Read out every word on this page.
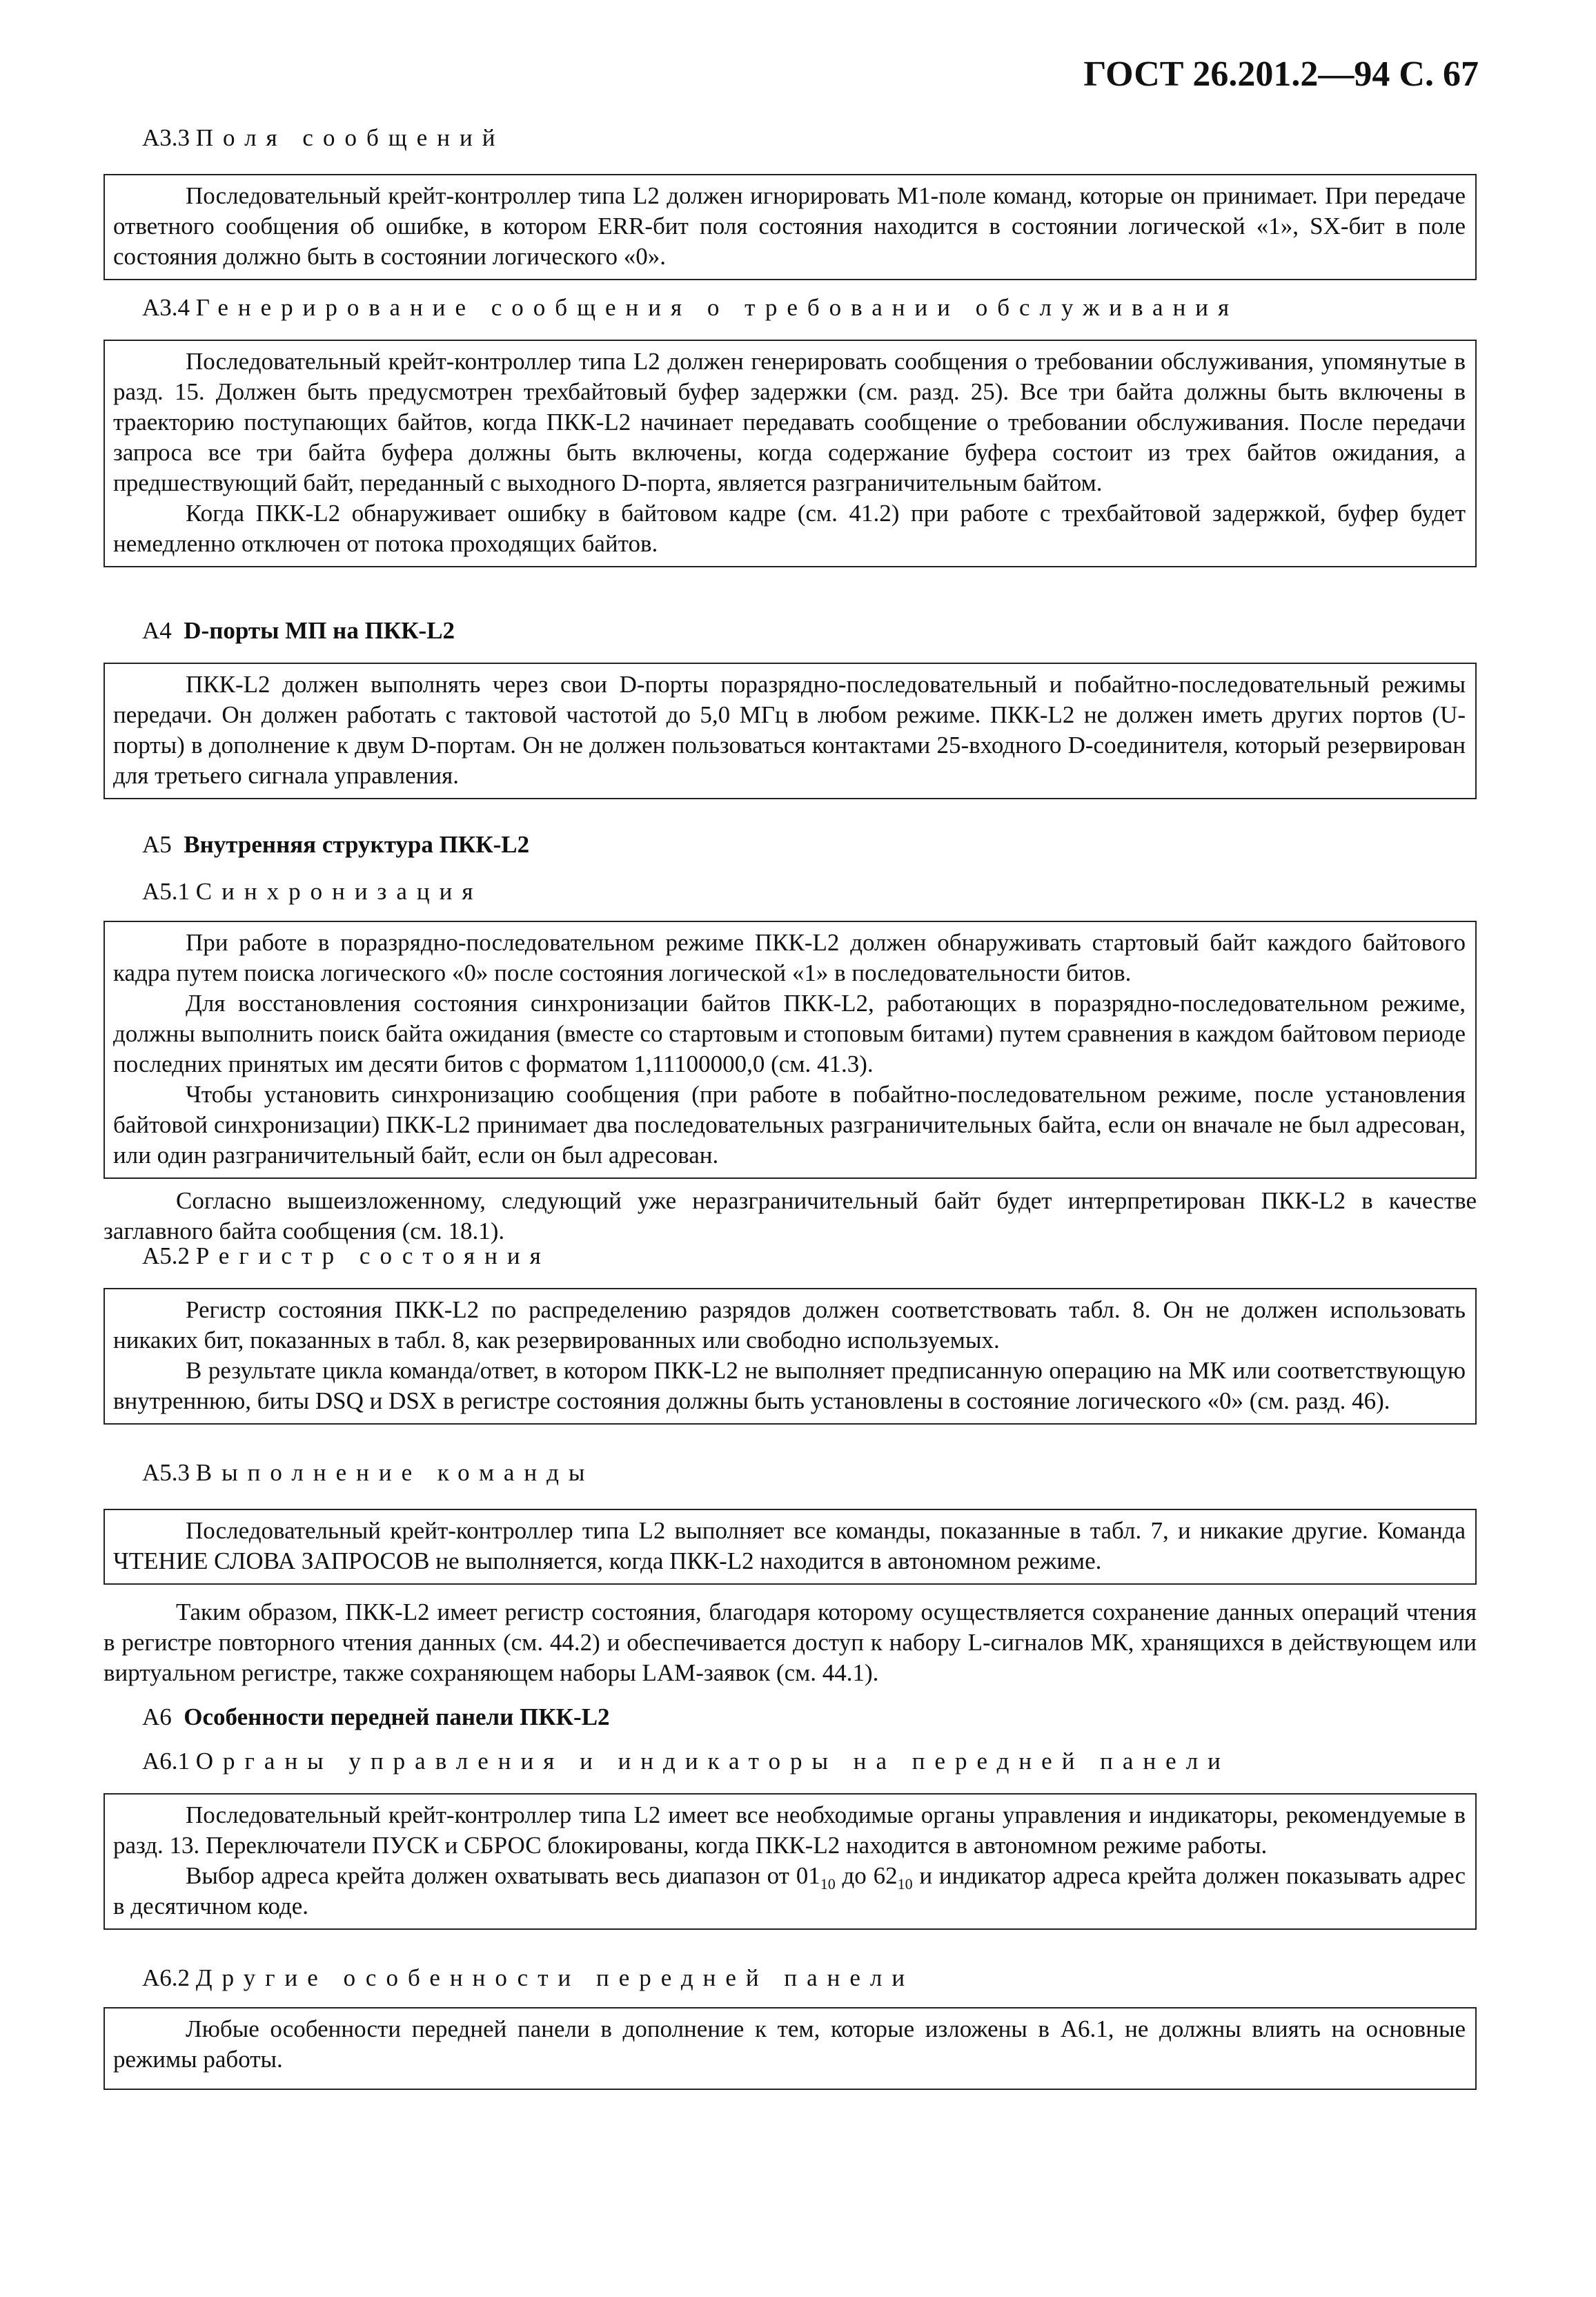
ГОСТ 26.201.2—94 С. 67
А3.3 Поля сообщений

Последовательный крейт-контроллер типа L2 должен игнорировать М1-поле команд, которые он принимает. При передаче ответного сообщения об ошибке, в котором ERR-бит поля состояния находится в состоянии логической «1», SX-бит в поле состояния должно быть в состоянии логического «0».

А3.4 Генерирование сообщения о требовании обслуживания

Последовательный крейт-контроллер типа L2 должен генерировать сообщения о требовании обслуживания, упомянутые в разд. 15. Должен быть предусмотрен трехбайтовый буфер задержки (см. разд. 25). Все три байта должны быть включены в траекторию поступающих байтов, когда ПКК-L2 начинает передавать сообщение о требовании обслуживания. После передачи запроса все три байта буфера должны быть включены, когда содержание буфера состоит из трех байтов ожидания, а предшествующий байт, переданный с выходного D-порта, является разграничительным байтом.

Когда ПКК-L2 обнаруживает ошибку в байтовом кадре (см. 41.2) при работе с трехбайтовой задержкой, буфер будет немедленно отключен от потока проходящих байтов.

А4 D-порты МП на ПКК-L2

ПКК-L2 должен выполнять через свои D-порты поразрядно-последовательный и побайтно-последовательный режимы передачи. Он должен работать с тактовой частотой до 5,0 МГц в любом режиме. ПКК-L2 не должен иметь других портов (U-порты) в дополнение к двум D-портам. Он не должен пользоваться контактами 25-входного D-соединителя, который резервирован для третьего сигнала управления.

А5 Внутренняя структура ПКК-L2
А5.1 Синхронизация

При работе в поразрядно-последовательном режиме ПКК-L2 должен обнаруживать стартовый байт каждого байтового кадра путем поиска логического «0» после состояния логической «1» в последовательности битов.

Для восстановления состояния синхронизации байтов ПКК-L2, работающих в поразрядно-последовательном режиме, должны выполнить поиск байта ожидания (вместе со стартовым и стоповым битами) путем сравнения в каждом байтовом периоде последних принятых им десяти битов с форматом 1,11100000,0 (см. 41.3).

Чтобы установить синхронизацию сообщения (при работе в побайтно-последовательном режиме, после установления байтовой синхронизации) ПКК-L2 принимает два последовательных разграничительных байта, если он вначале не был адресован, или один разграничительный байт, если он был адресован.

Согласно вышеизложенному, следующий уже неразграничительный байт будет интерпретирован ПКК-L2 в качестве заглавного байта сообщения (см. 18.1).

А5.2 Регистр состояния

Регистр состояния ПКК-L2 по распределению разрядов должен соответствовать табл. 8. Он не должен использовать никаких бит, показанных в табл. 8, как резервированных или свободно используемых.

В результате цикла команда/ответ, в котором ПКК-L2 не выполняет предписанную операцию на МК или соответствующую внутреннюю, биты DSQ и DSX в регистре состояния должны быть установлены в состояние логического «0» (см. разд. 46).

А5.3 Выполнение команды

Последовательный крейт-контроллер типа L2 выполняет все команды, показанные в табл. 7, и никакие другие. Команда ЧТЕНИЕ СЛОВА ЗАПРОСОВ не выполняется, когда ПКК-L2 находится в автономном режиме.

Таким образом, ПКК-L2 имеет регистр состояния, благодаря которому осуществляется сохранение данных операций чтения в регистре повторного чтения данных (см. 44.2) и обеспечивается доступ к набору L-сигналов МК, хранящихся в действующем или виртуальном регистре, также сохраняющем наборы LAM-заявок (см. 44.1).

А6 Особенности передней панели ПКК-L2
А6.1 Органы управления и индикаторы на передней панели

Последовательный крейт-контроллер типа L2 имеет все необходимые органы управления и индикаторы, рекомендуемые в разд. 13. Переключатели ПУСК и СБРОС блокированы, когда ПКК-L2 находится в автономном режиме работы.

Выбор адреса крейта должен охватывать весь диапазон от $01_{10}$ до $62_{10}$ и индикатор адреса крейта должен показывать адрес в десятичном коде.

А6.2 Другие особенности передней панели

Любые особенности передней панели в дополнение к тем, которые изложены в А6.1, не должны влиять на основные режимы работы.
